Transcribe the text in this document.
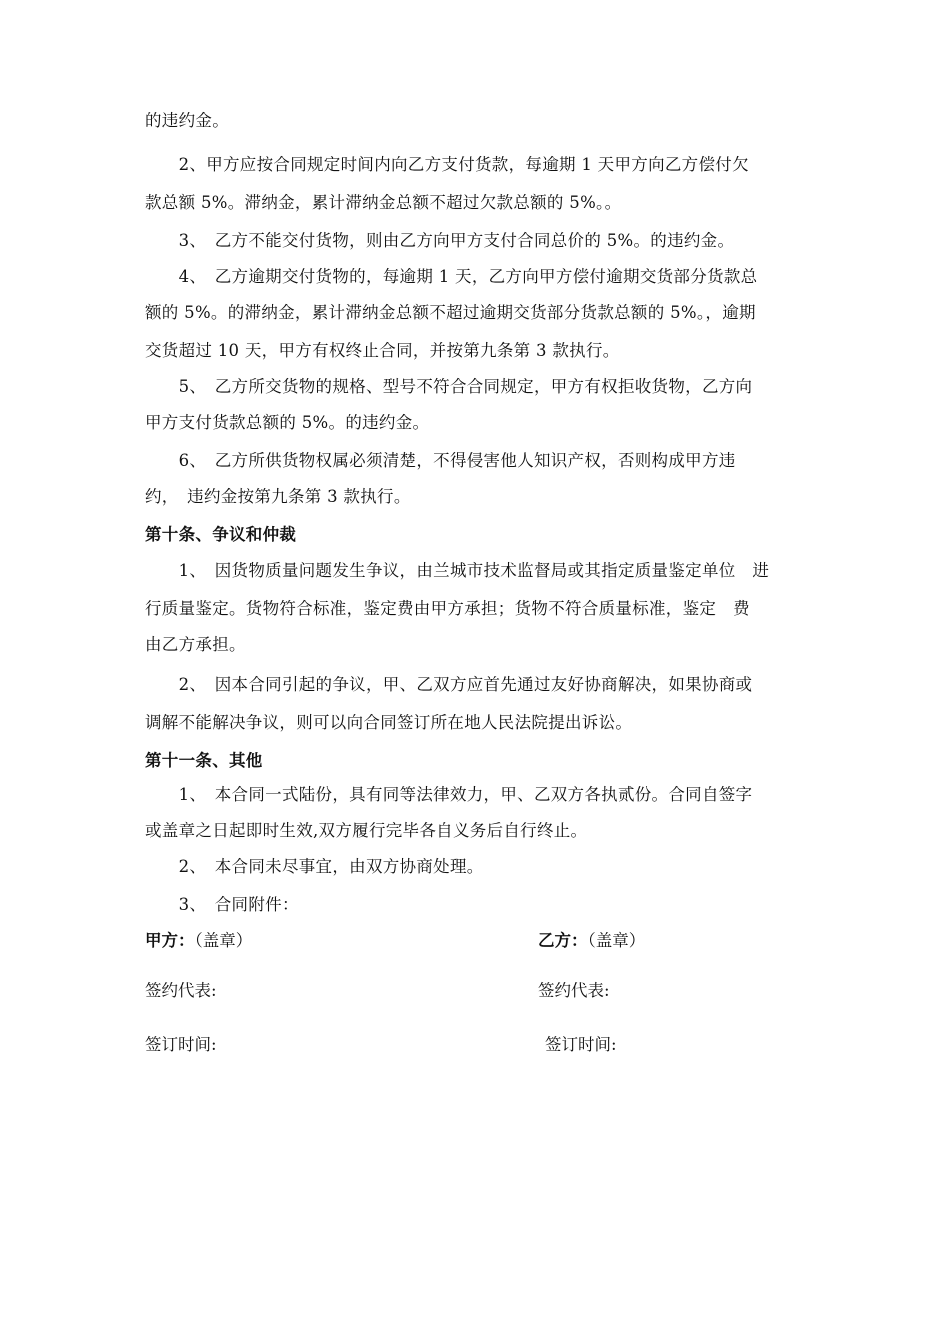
的违约金。
　　2、甲方应按合同规定时间内向乙方支付货款，每逾期 1 天甲方向乙方偿付欠
款总额 5%。滞纳金，累计滞纳金总额不超过欠款总额的 5%。。
　　3、　乙方不能交付货物，则由乙方向甲方支付合同总价的 5%。的违约金。
　　4、　乙方逾期交付货物的，每逾期 1 天，乙方向甲方偿付逾期交货部分货款总
额的 5%。的滞纳金，累计滞纳金总额不超过逾期交货部分货款总额的 5%。，逾期
交货超过 10 天，甲方有权终止合同，并按第九条第 3 款执行。
　　5、　乙方所交货物的规格、型号不符合合同规定，甲方有权拒收货物，乙方向
甲方支付货款总额的 5%。的违约金。
　　6、　乙方所供货物权属必须清楚，不得侵害他人知识产权，否则构成甲方违
约，　违约金按第九条第 3 款执行。
第十条、争议和仲裁
　　1、　因货物质量问题发生争议，由兰城市技术监督局或其指定质量鉴定单位　进
行质量鉴定。货物符合标准，鉴定费由甲方承担；货物不符合质量标准，鉴定　费
由乙方承担。
　　2、　因本合同引起的争议，甲、乙双方应首先通过友好协商解决，如果协商或
调解不能解决争议，则可以向合同签订所在地人民法院提出诉讼。
第十一条、其他
　　1、　本合同一式陆份，具有同等法律效力，甲、乙双方各执贰份。合同自签字
或盖章之日起即时生效,双方履行完毕各自义务后自行终止。
　　2、　本合同未尽事宜，由双方协商处理。
　　3、　合同附件：
甲方：（盖章）	乙方：（盖章）
签约代表:	签约代表:
签订时间:	签订时间:
